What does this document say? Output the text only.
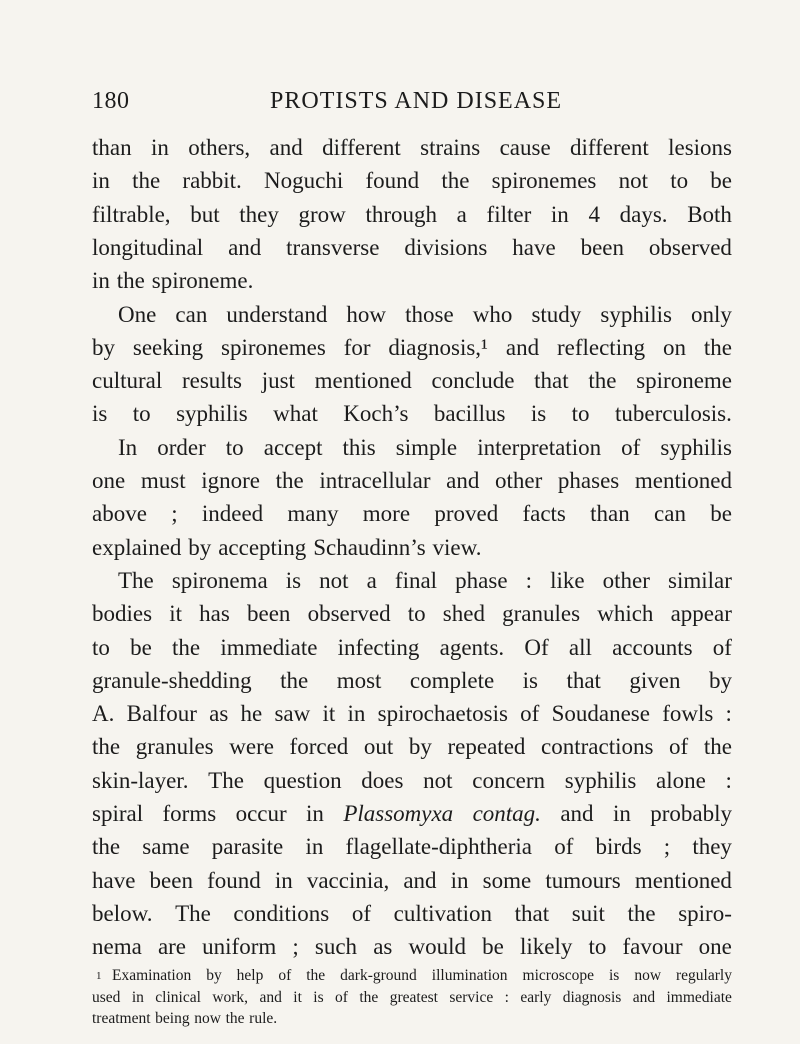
180	PROTISTS AND DISEASE
than in others, and different strains cause different lesions
in the rabbit. Noguchi found the spironemes not to be
filtrable, but they grow through a filter in 4 days. Both
longitudinal and transverse divisions have been observed
in the spironeme.
One can understand how those who study syphilis only
by seeking spironemes for diagnosis,¹ and reflecting on the
cultural results just mentioned conclude that the spironeme
is to syphilis what Koch’s bacillus is to tuberculosis.
In order to accept this simple interpretation of syphilis
one must ignore the intracellular and other phases mentioned
above ; indeed many more proved facts than can be
explained by accepting Schaudinn’s view.
The spironema is not a final phase : like other similar
bodies it has been observed to shed granules which appear
to be the immediate infecting agents. Of all accounts of
granule-shedding the most complete is that given by
A. Balfour as he saw it in spirochaetosis of Soudanese fowls :
the granules were forced out by repeated contractions of the
skin-layer. The question does not concern syphilis alone :
spiral forms occur in Plassomyxa contag. and in probably
the same parasite in flagellate-diphtheria of birds ; they
have been found in vaccinia, and in some tumours mentioned
below. The conditions of cultivation that suit the spiro-
nema are uniform ; such as would be likely to favour one
1 Examination by help of the dark-ground illumination microscope is now regularly
used in clinical work, and it is of the greatest service : early diagnosis and immediate
treatment being now the rule.
